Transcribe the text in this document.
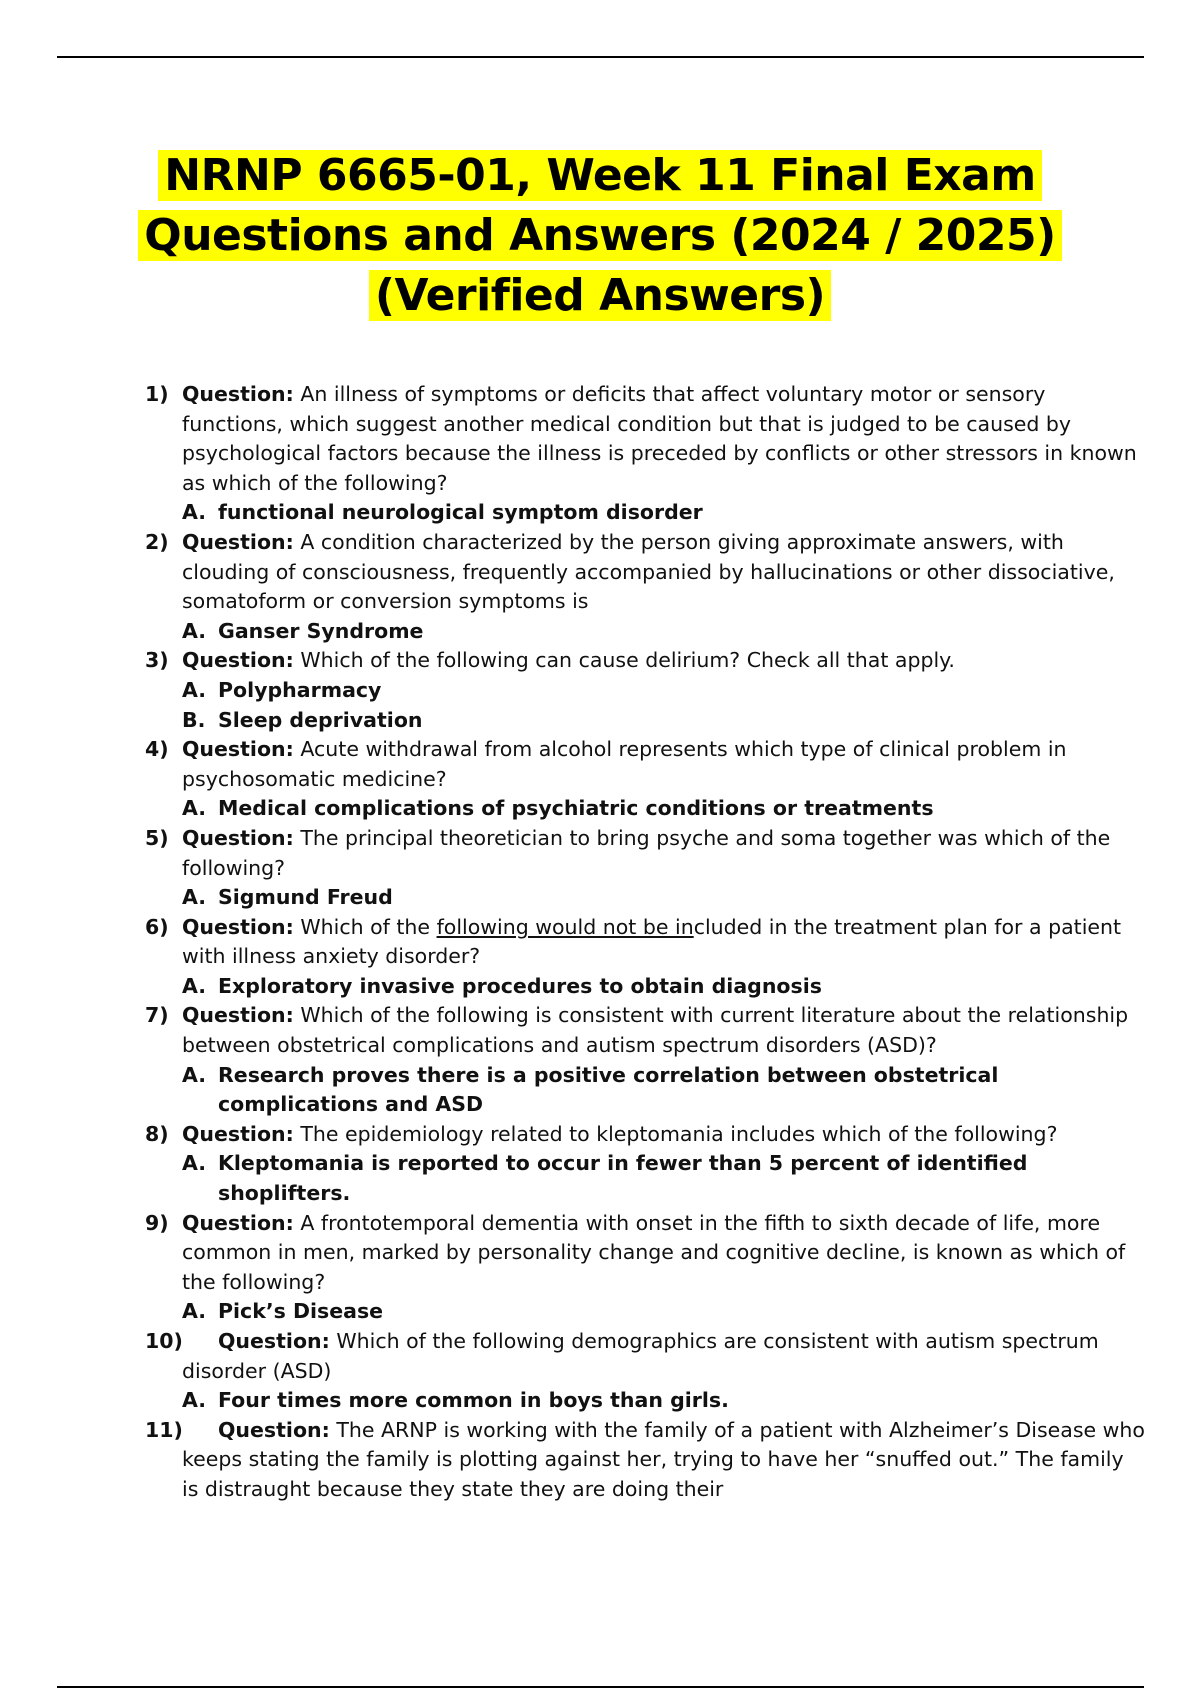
NRNP 6665-01, Week 11 Final Exam
Questions and Answers (2024 / 2025)
(Verified Answers)
1) Question: An illness of symptoms or deficits that affect voluntary motor or sensory functions, which suggest another medical condition but that is judged to be caused by psychological factors because the illness is preceded by conflicts or other stressors in known as which of the following?
A. functional neurological symptom disorder
2) Question: A condition characterized by the person giving approximate answers, with clouding of consciousness, frequently accompanied by hallucinations or other dissociative, somatoform or conversion symptoms is
A. Ganser Syndrome
3) Question: Which of the following can cause delirium? Check all that apply.
A. Polypharmacy
B. Sleep deprivation
4) Question: Acute withdrawal from alcohol represents which type of clinical problem in psychosomatic medicine?
A. Medical complications of psychiatric conditions or treatments
5) Question: The principal theoretician to bring psyche and soma together was which of the following?
A. Sigmund Freud
6) Question: Which of the following would not be included in the treatment plan for a patient with illness anxiety disorder?
A. Exploratory invasive procedures to obtain diagnosis
7) Question: Which of the following is consistent with current literature about the relationship between obstetrical complications and autism spectrum disorders (ASD)?
A. Research proves there is a positive correlation between obstetrical complications and ASD
8) Question: The epidemiology related to kleptomania includes which of the following?
A. Kleptomania is reported to occur in fewer than 5 percent of identified shoplifters.
9) Question: A frontotemporal dementia with onset in the fifth to sixth decade of life, more common in men, marked by personality change and cognitive decline, is known as which of the following?
A. Pick’s Disease
10)	Question: Which of the following demographics are consistent with autism spectrum disorder (ASD)
A. Four times more common in boys than girls.
11)	Question: The ARNP is working with the family of a patient with Alzheimer’s Disease who keeps stating the family is plotting against her, trying to have her “snuffed out.” The family is distraught because they state they are doing their
